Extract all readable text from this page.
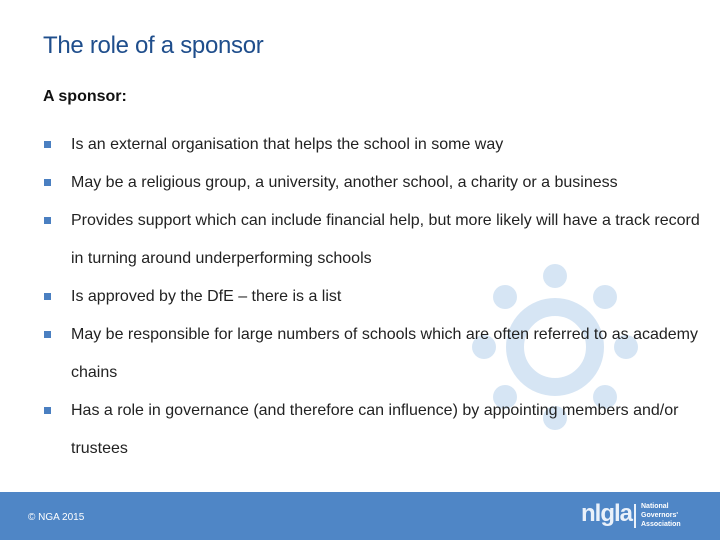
The role of a sponsor
A sponsor:
Is an external organisation that helps the school in some way
May be a religious group, a university, another school, a charity or a business
Provides support which can include financial help, but more likely will have a track record in turning around underperforming schools
Is approved by the DfE – there is a list
May be responsible for large numbers of schools which are often referred to as academy chains
Has a role in governance (and therefore can influence) by appointing members and/or trustees
© NGA 2015	nlgla National
Governors'
Association
